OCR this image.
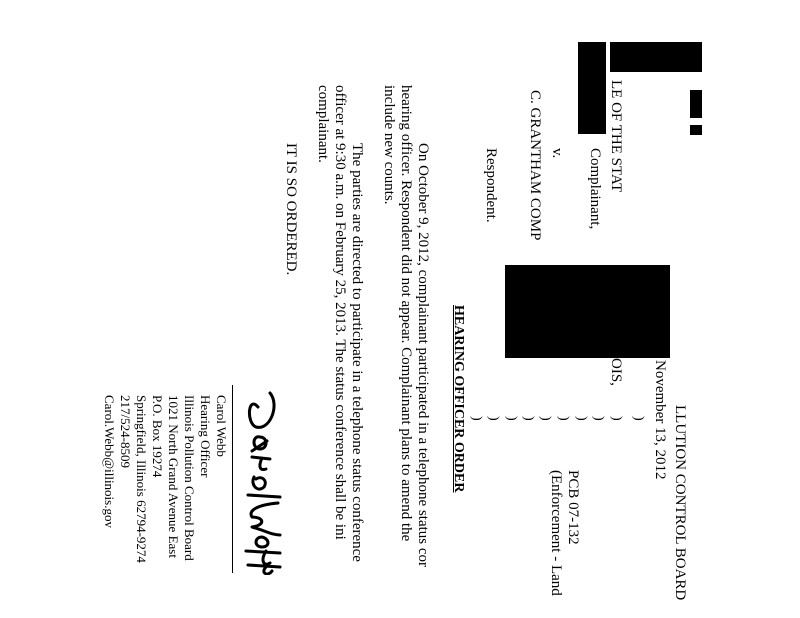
LLUTION CONTROL BOARD
November 13, 2012
LE OF THE STAT
OIS,
Complainant,
v.
C. GRANTHAM COMP
Respondent.
)
)
)
)
)
)
)
)
)
)
PCB 07-132
(Enforcement - Land
HEARING OFFICER ORDER
On October 9, 2012, complainant participated in a telephone status cor
hearing officer. Respondent did not appear. Complainant plans to amend the
include new counts.
The parties are directed to participate in a telephone status conference
officer at 9:30 a.m. on February 25, 2013. The status conference shall be ini
complainant.
IT IS SO ORDERED.
Carol Webb
Hearing Officer
Illinois Pollution Control Board
1021 North Grand Avenue East
P.O. Box 19274
Springfield, Illinois 62794-9274
217/524-8509
Carol.Webb@illinois.gov
